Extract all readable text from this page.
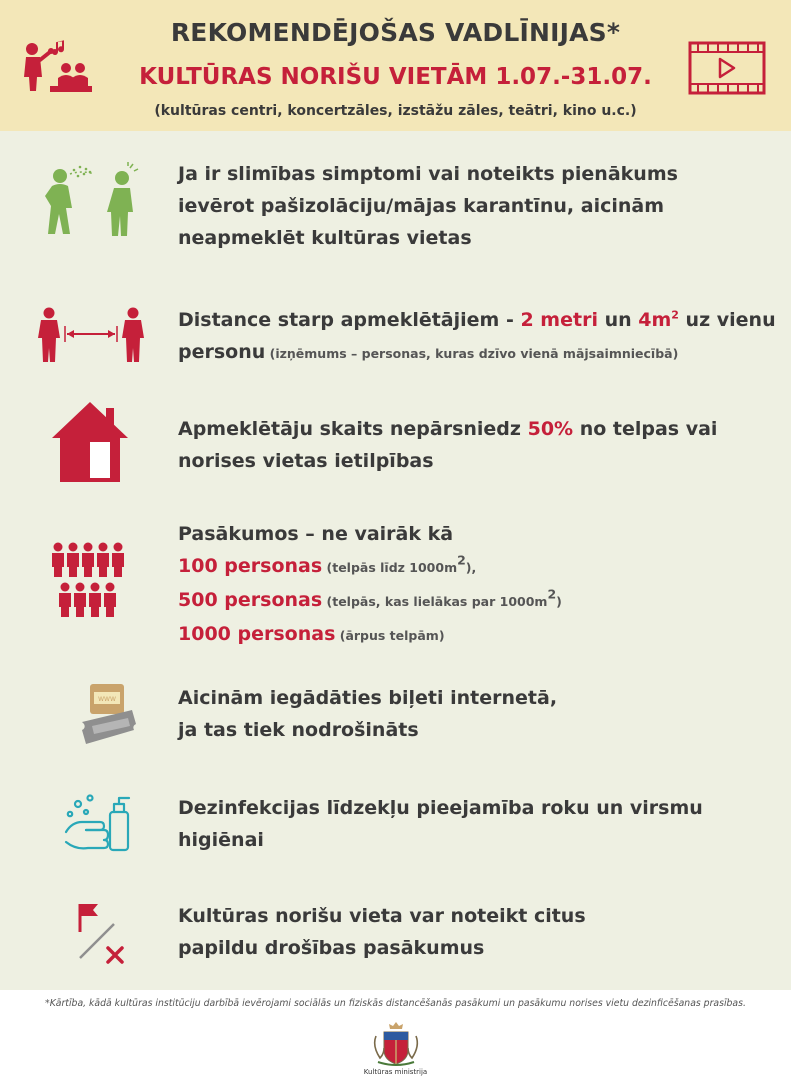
REKOMENDĒJOŠAS VADLĪNIJAS*
KULTŪRAS NORIŠU VIETĀM 1.07.-31.07.
(kultūras centri, koncertzāles, izstāžu zāles, teātri, kino u.c.)
Ja ir slimības simptomi vai noteikts pienākums
ievērot pašizolāciju/mājas karantīnu, aicinām
neapmeklēt kultūras vietas
Distance starp apmeklētājiem - 2 metri un $4m^2$ uz vienu
personu (izņēmums – personas, kuras dzīvo vienā mājsaimniecībā)
Apmeklētāju skaits nepārsniedz 50% no telpas vai
norises vietas ietilpības
Pasākumos – ne vairāk kā
100 personas (telpās līdz $1000m^2$),
500 personas (telpās, kas lielākas par $1000m^2$)
1000 personas (ārpus telpām)
WWW	Aicinām iegādāties biļeti internetā,
ja tas tiek nodrošināts
Dezinfekcijas līdzekļu pieejamība roku un virsmu
higiēnai
Kultūras norišu vieta var noteikt citus
papildu drošības pasākumus
*Kārtība, kādā kultūras institūciju darbībā ievērojami sociālās un fiziskās distancēšanās pasākumi un pasākumu norises vietu dezinficēšanas prasības.
Kultūras ministrija
